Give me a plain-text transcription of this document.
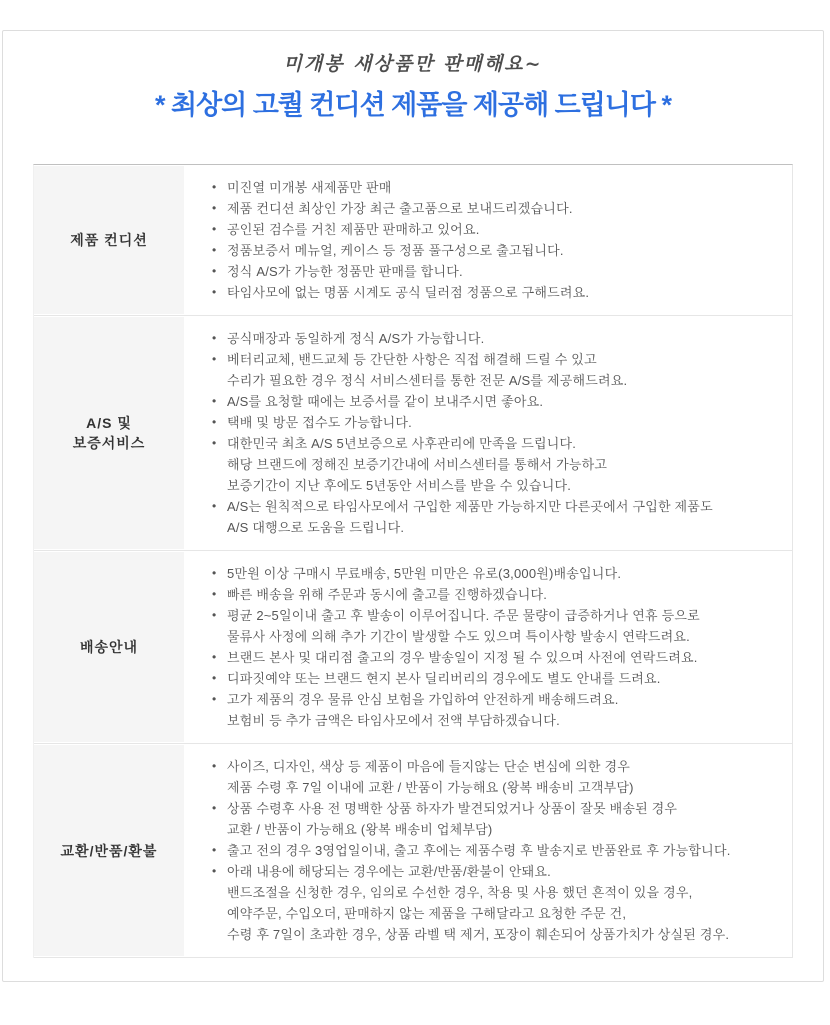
미개봉 새상품만 판매해요~
* 최상의 고퀄 컨디션 제품을 제공해 드립니다 *
제품 컨디션
• 미진열 미개봉 새제품만 판매
• 제품 컨디션 최상인 가장 최근 출고품으로 보내드리겠습니다.
• 공인된 검수를 거친 제품만 판매하고 있어요.
• 정품보증서 메뉴얼, 케이스 등 정품 풀구성으로 출고됩니다.
• 정식 A/S가 가능한 정품만 판매를 합니다.
• 타임사모에 없는 명품 시계도 공식 딜러점 정품으로 구해드려요.
A/S 및
보증서비스
• 공식매장과 동일하게 정식 A/S가 가능합니다.
• 베터리교체, 밴드교체 등 간단한 사항은 직접 해결해 드릴 수 있고
수리가 필요한 경우 정식 서비스센터를 통한 전문 A/S를 제공해드려요.
• A/S를 요청할 때에는 보증서를 같이 보내주시면 좋아요.
• 택배 및 방문 접수도 가능합니다.
• 대한민국 최초 A/S 5년보증으로 사후관리에 만족을 드립니다.
해당 브랜드에 정해진 보증기간내에 서비스센터를 통해서 가능하고
보증기간이 지난 후에도 5년동안 서비스를 받을 수 있습니다.
• A/S는 원칙적으로 타임사모에서 구입한 제품만 가능하지만 다른곳에서 구입한 제품도
A/S 대행으로 도움을 드립니다.
배송안내
• 5만원 이상 구매시 무료배송, 5만원 미만은 유로(3,000원)배송입니다.
• 빠른 배송을 위해 주문과 동시에 출고를 진행하겠습니다.
• 평균 2~5일이내 출고 후 발송이 이루어집니다. 주문 물량이 급증하거나 연휴 등으로
물류사 사정에 의해 추가 기간이 발생할 수도 있으며 특이사항 발송시 연락드려요.
• 브랜드 본사 및 대리점 출고의 경우 발송일이 지정 될 수 있으며 사전에 연락드려요.
• 디파짓예약 또는 브랜드 현지 본사 딜리버리의 경우에도 별도 안내를 드려요.
• 고가 제품의 경우 물류 안심 보험을 가입하여 안전하게 배송해드려요.
보험비 등 추가 금액은 타임사모에서 전액 부담하겠습니다.
교환/반품/환불
• 사이즈, 디자인, 색상 등 제품이 마음에 들지않는 단순 변심에 의한 경우
제품 수령 후 7일 이내에 교환 / 반품이 가능해요 (왕복 배송비 고객부담)
• 상품 수령후 사용 전 명백한 상품 하자가 발견되었거나 상품이 잘못 배송된 경우
교환 / 반품이 가능해요 (왕복 배송비 업체부담)
• 출고 전의 경우 3영업일이내, 출고 후에는 제품수령 후 발송지로 반품완료 후 가능합니다.
• 아래 내용에 해당되는 경우에는 교환/반품/환불이 안돼요.
밴드조절을 신청한 경우, 임의로 수선한 경우, 착용 및 사용 했던 흔적이 있을 경우,
예약주문, 수입오더, 판매하지 않는 제품을 구해달라고 요청한 주문 건,
수령 후 7일이 초과한 경우, 상품 라벨 택 제거, 포장이 훼손되어 상품가치가 상실된 경우.
